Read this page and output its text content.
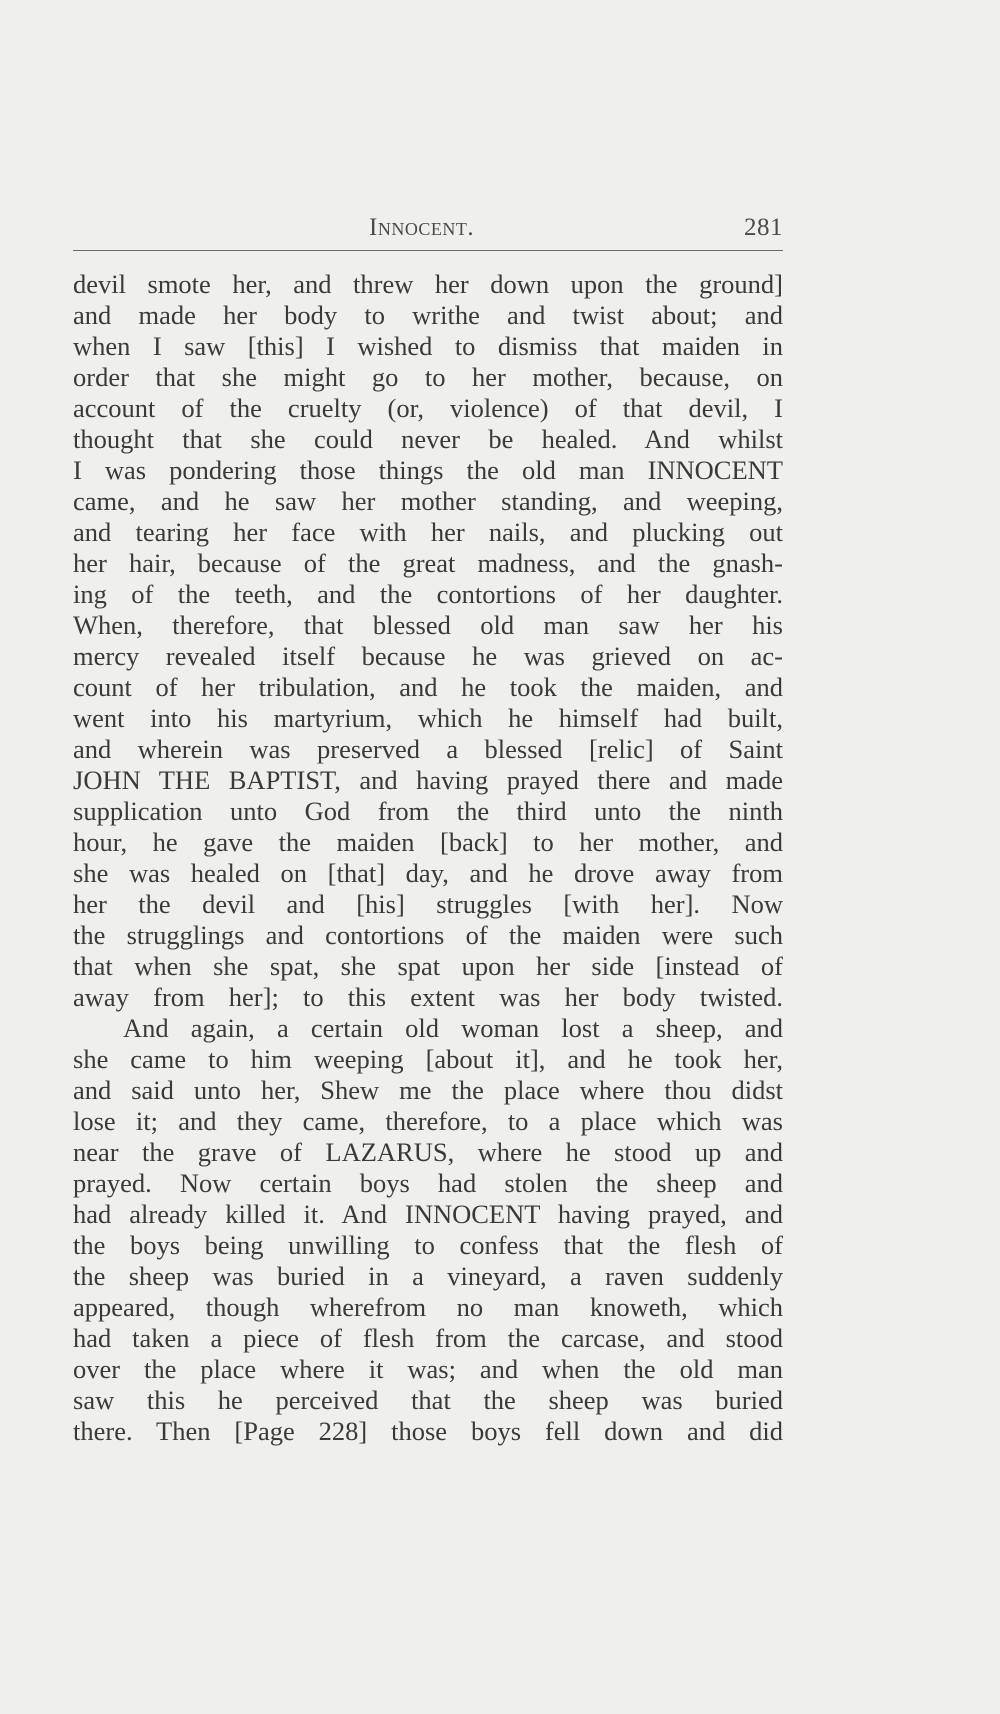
Innocent.	281
devil smote her, and threw her down upon the ground]
and made her body to writhe and twist about; and
when I saw [this] I wished to dismiss that maiden in
order that she might go to her mother, because, on
account of the cruelty (or, violence) of that devil, I
thought that she could never be healed. And whilst
I was pondering those things the old man INNOCENT
came, and he saw her mother standing, and weeping,
and tearing her face with her nails, and plucking out
her hair, because of the great madness, and the gnash-
ing of the teeth, and the contortions of her daughter.
When, therefore, that blessed old man saw her his
mercy revealed itself because he was grieved on ac-
count of her tribulation, and he took the maiden, and
went into his martyrium, which he himself had built,
and wherein was preserved a blessed [relic] of Saint
JOHN THE BAPTIST, and having prayed there and made
supplication unto God from the third unto the ninth
hour, he gave the maiden [back] to her mother, and
she was healed on [that] day, and he drove away from
her the devil and [his] struggles [with her]. Now
the strugglings and contortions of the maiden were such
that when she spat, she spat upon her side [instead of
away from her]; to this extent was her body twisted.
And again, a certain old woman lost a sheep, and
she came to him weeping [about it], and he took her,
and said unto her, Shew me the place where thou didst
lose it; and they came, therefore, to a place which was
near the grave of LAZARUS, where he stood up and
prayed. Now certain boys had stolen the sheep and
had already killed it. And INNOCENT having prayed, and
the boys being unwilling to confess that the flesh of
the sheep was buried in a vineyard, a raven suddenly
appeared, though wherefrom no man knoweth, which
had taken a piece of flesh from the carcase, and stood
over the place where it was; and when the old man
saw this he perceived that the sheep was buried
there. Then [Page 228] those boys fell down and did
